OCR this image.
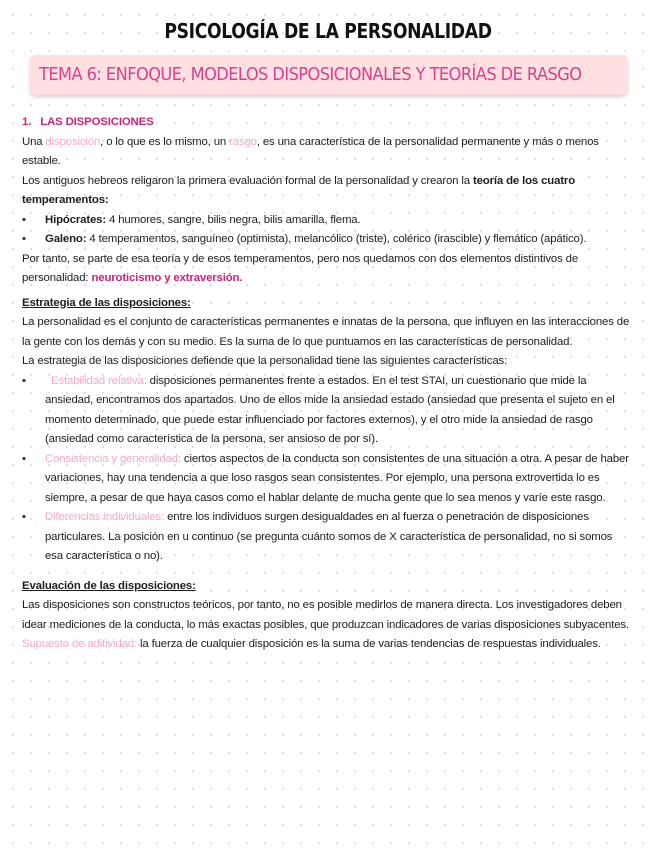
PSICOLOGÍA DE LA PERSONALIDAD
TEMA 6: ENFOQUE, MODELOS DISPOSICIONALES Y TEORÍAS DE RASGO

1. LAS DISPOSICIONES

Una disposición, o lo que es lo mismo, un rasgo, es una característica de la personalidad permanente y más o menos estable.

Los antiguos hebreos religaron la primera evaluación formal de la personalidad y crearon la teoría de los cuatro temperamentos:

• Hipócrates: 4 humores, sangre, bilis negra, bilis amarilla, flema.

• Galeno: 4 temperamentos, sanguíneo (optimista), melancólico (triste), colérico (irascible) y flemático (apático).

Por tanto, se parte de esa teoría y de esos temperamentos, pero nos quedamos con dos elementos distintivos de personalidad: neuroticismo y extraversión.

Estrategia de las disposiciones:

La personalidad es el conjunto de características permanentes e innatas de la persona, que influyen en las interacciones de la gente con los demás y con su medio. Es la suma de lo que puntuamos en las características de personalidad.

La estrategia de las disposiciones defiende que la personalidad tiene las siguientes características:

• Estabilidad relativa: disposiciones permanentes frente a estados. En el test STAI, un cuestionario que mide la ansiedad, encontramos dos apartados. Uno de ellos mide la ansiedad estado (ansiedad que presenta el sujeto en el momento determinado, que puede estar influenciado por factores externos), y el otro mide la ansiedad de rasgo (ansiedad como característica de la persona, ser ansioso de por sí).

• Consistencia y generalidad: ciertos aspectos de la conducta son consistentes de una situación a otra. A pesar de haber variaciones, hay una tendencia a que loso rasgos sean consistentes. Por ejemplo, una persona extrovertida lo es siempre, a pesar de que haya casos como el hablar delante de mucha gente que lo sea menos y varíe este rasgo.

• Diferencias individuales: entre los individuos surgen desigualdades en al fuerza o penetración de disposiciones particulares. La posición en u continuo (se pregunta cuánto somos de X característica de personalidad, no si somos esa característica o no).

Evaluación de las disposiciones:

Las disposiciones son constructos teóricos, por tanto, no es posible medirlos de manera directa. Los investigadores deben idear mediciones de la conducta, lo más exactas posibles, que produzcan indicadores de varias disposiciones subyacentes.

Supuesto de aditividad: la fuerza de cualquier disposición es la suma de varias tendencias de respuestas individuales.
